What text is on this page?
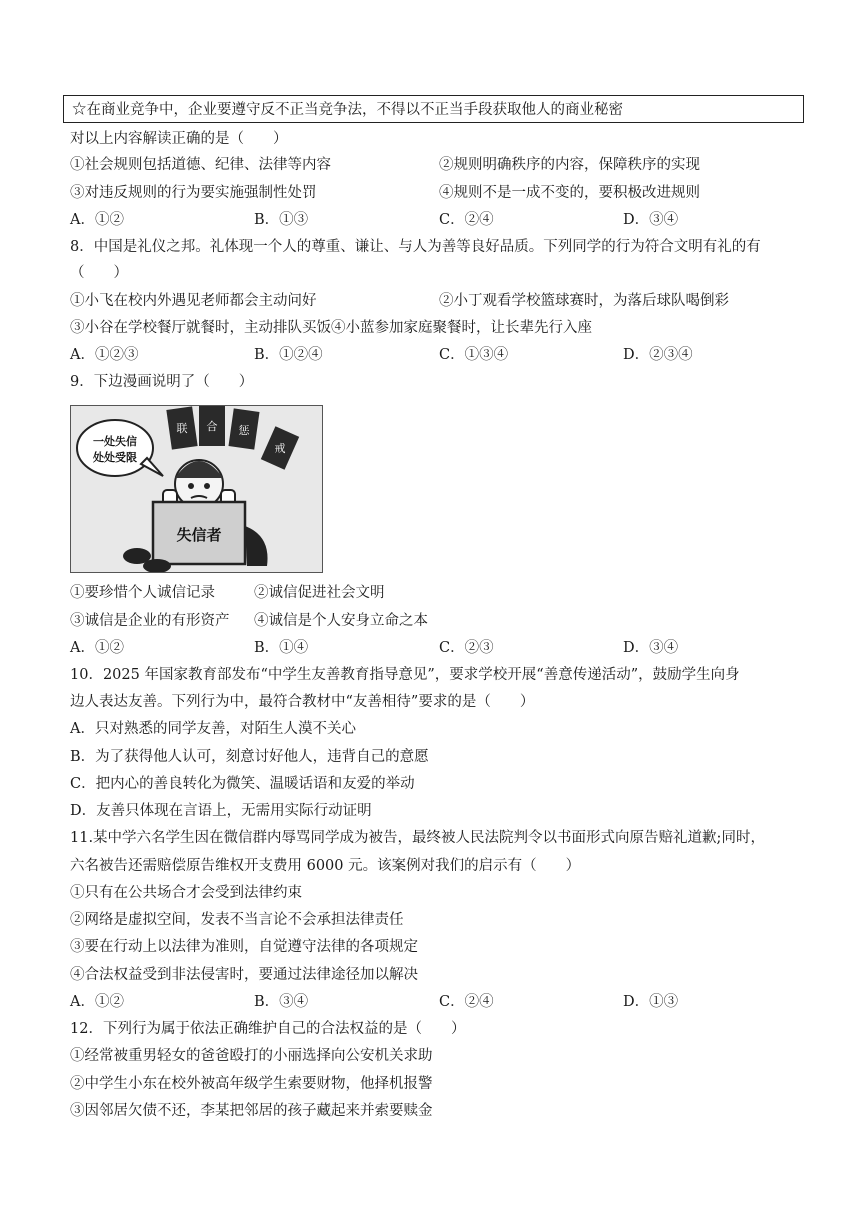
☆在商业竞争中，企业要遵守反不正当竞争法，不得以不正当手段获取他人的商业秘密
对以上内容解读正确的是（　　）
①社会规则包括道德、纪律、法律等内容	②规则明确秩序的内容，保障秩序的实现
③对违反规则的行为要实施强制性处罚	④规则不是一成不变的，要积极改进规则
A．①②	B．①③	C．②④	D．③④
8．中国是礼仪之邦。礼体现一个人的尊重、谦让、与人为善等良好品质。下列同学的行为符合文明有礼的有
（　　）
①小飞在校内外遇见老师都会主动问好	②小丁观看学校篮球赛时，为落后球队喝倒彩
③小谷在学校餐厅就餐时，主动排队买饭④小蓝参加家庭聚餐时，让长辈先行入座
A．①②③	B．①②④	C．①③④	D．②③④
9．下边漫画说明了（　　）
一处失信
处处受限
失信者
联 合 惩
戒
①要珍惜个人诚信记录	②诚信促进社会文明
③诚信是企业的有形资产 ④诚信是个人安身立命之本
A．①②	B．①④	C．②③	D．③④
10．2025 年国家教育部发布“中学生友善教育指导意见”，要求学校开展“善意传递活动”，鼓励学生向身
边人表达友善。下列行为中，最符合教材中“友善相待”要求的是（　　）
A．只对熟悉的同学友善，对陌生人漠不关心
B．为了获得他人认可，刻意讨好他人，违背自己的意愿
C．把内心的善良转化为微笑、温暖话语和友爱的举动
D．友善只体现在言语上，无需用实际行动证明
11.某中学六名学生因在微信群内辱骂同学成为被告，最终被人民法院判令以书面形式向原告赔礼道歉;同时，
六名被告还需赔偿原告维权开支费用 6000 元。该案例对我们的启示有（　　）
①只有在公共场合才会受到法律约束
②网络是虚拟空间，发表不当言论不会承担法律责任
③要在行动上以法律为准则，自觉遵守法律的各项规定
④合法权益受到非法侵害时，要通过法律途径加以解决
A．①②	B．③④	C．②④	D．①③
12．下列行为属于依法正确维护自己的合法权益的是（　　）
①经常被重男轻女的爸爸殴打的小丽选择向公安机关求助
②中学生小东在校外被高年级学生索要财物，他择机报警
③因邻居欠债不还，李某把邻居的孩子藏起来并索要赎金
